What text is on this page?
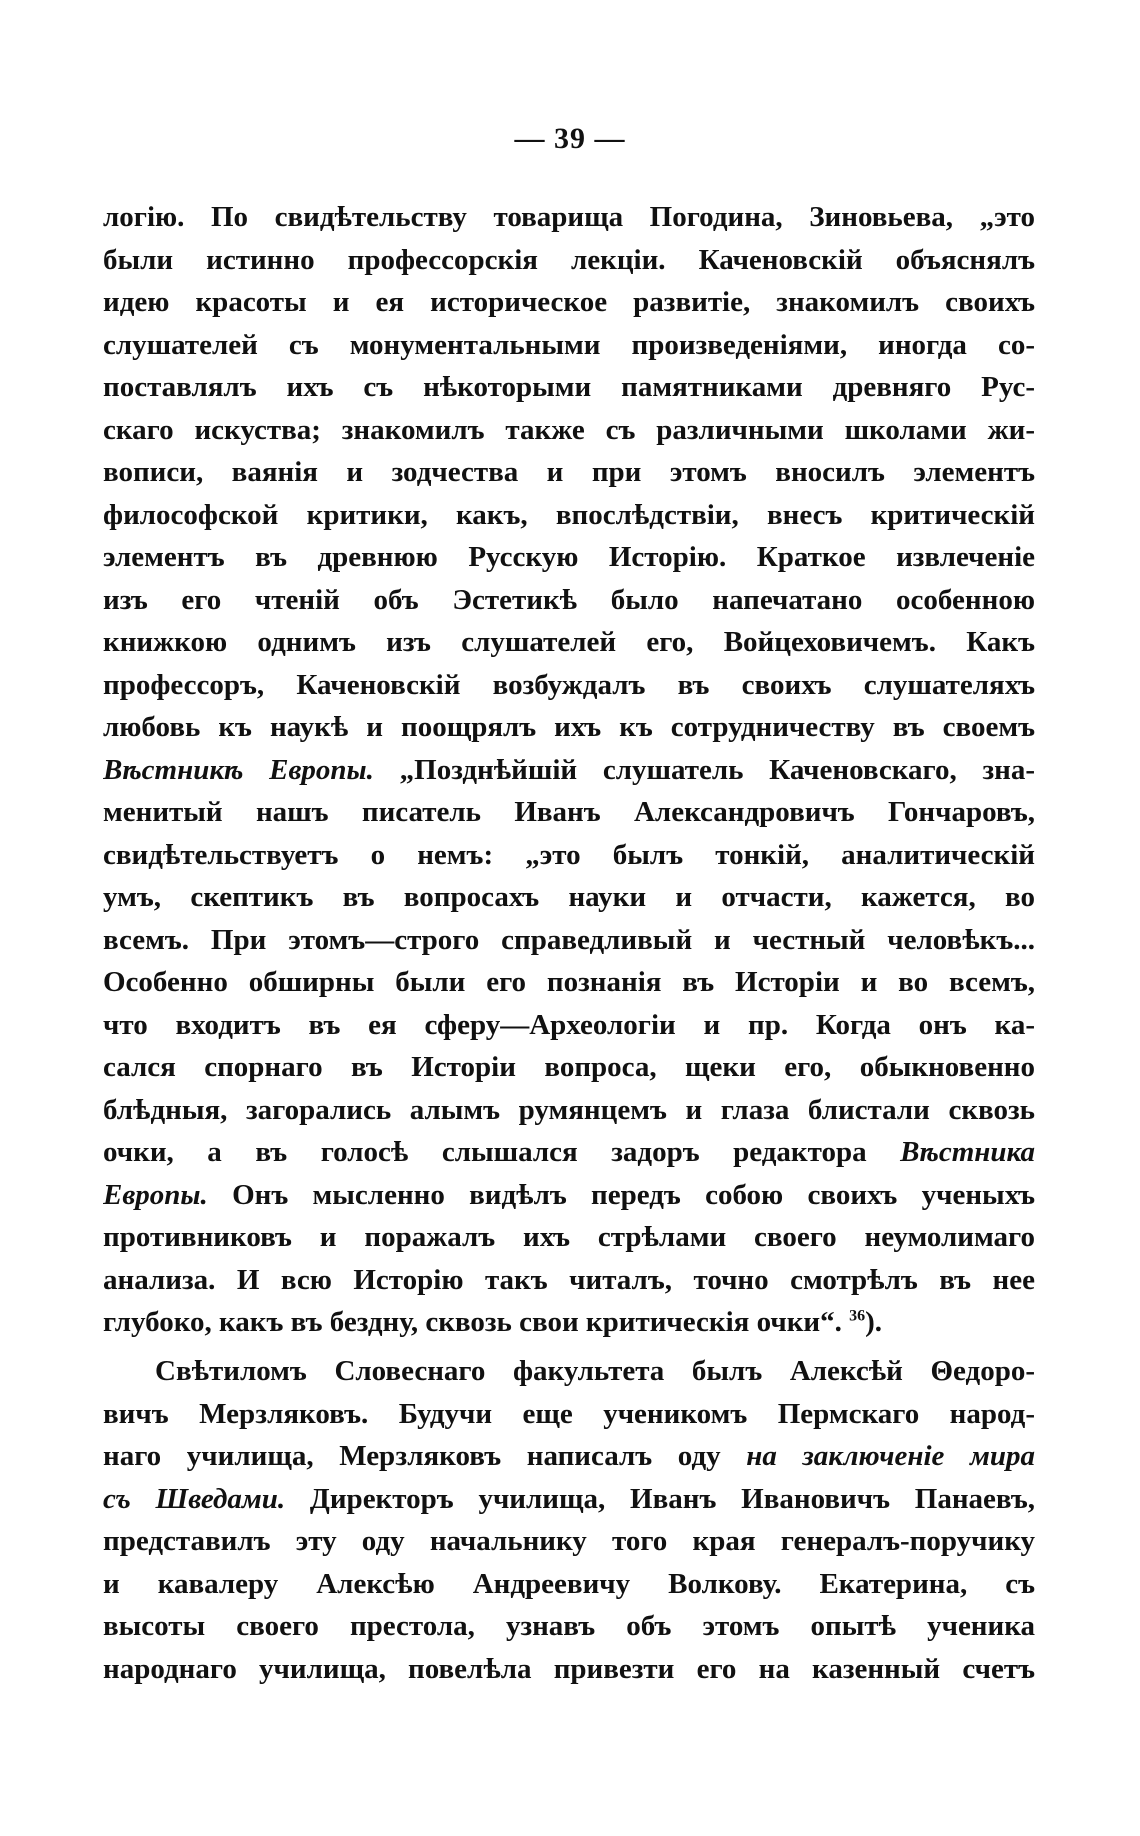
— 39 —
логію. По свидѣтельству товарища Погодина, Зиновьева, „это
были истинно профессорскія лекціи. Каченовскій объяснялъ
идею красоты и ея историческое развитіе, знакомилъ своихъ
слушателей съ монументальными произведеніями, иногда со-
поставлялъ ихъ съ нѣкоторыми памятниками древняго Рус-
скаго искуства; знакомилъ также съ различными школами жи-
вописи, ваянія и зодчества и при этомъ вносилъ элементъ
философской критики, какъ, впослѣдствіи, внесъ критическій
элементъ въ древнюю Русскую Исторію. Краткое извлеченіе
изъ его чтеній объ Эстетикѣ было напечатано особенною
книжкою однимъ изъ слушателей его, Войцеховичемъ. Какъ
профессоръ, Каченовскій возбуждалъ въ своихъ слушателяхъ
любовь къ наукѣ и поощрялъ ихъ къ сотрудничеству въ своемъ
Вѣстникѣ Европы. „Позднѣйшій слушатель Каченовскаго, зна-
менитый нашъ писатель Иванъ Александровичъ Гончаровъ,
свидѣтельствуетъ о немъ: „это былъ тонкій, аналитическій
умъ, скептикъ въ вопросахъ науки и отчасти, кажется, во
всемъ. При этомъ—строго справедливый и честный человѣкъ...
Особенно обширны были его познанія въ Исторіи и во всемъ,
что входитъ въ ея сферу—Археологіи и пр. Когда онъ ка-
сался спорнаго въ Исторіи вопроса, щеки его, обыкновенно
блѣдныя, загорались алымъ румянцемъ и глаза блистали сквозь
очки, а въ голосѣ слышался задоръ редактора Вѣстника
Европы. Онъ мысленно видѣлъ передъ собою своихъ ученыхъ
противниковъ и поражалъ ихъ стрѣлами своего неумолимаго
анализа. И всю Исторію такъ читалъ, точно смотрѣлъ въ нее
глубоко, какъ въ бездну, сквозь свои критическія очки“. $^{36}$).
Свѣтиломъ Словеснаго факультета былъ Алексѣй Θедоро-
вичъ Мерзляковъ. Будучи еще ученикомъ Пермскаго народ-
наго училища, Мерзляковъ написалъ оду на заключеніе мира
съ Шведами. Директоръ училища, Иванъ Ивановичъ Панаевъ,
представилъ эту оду начальнику того края генералъ-поручику
и кавалеру Алексѣю Андреевичу Волкову. Екатерина, съ
высоты своего престола, узнавъ объ этомъ опытѣ ученика
народнаго училища, повелѣла привезти его на казенный счетъ
